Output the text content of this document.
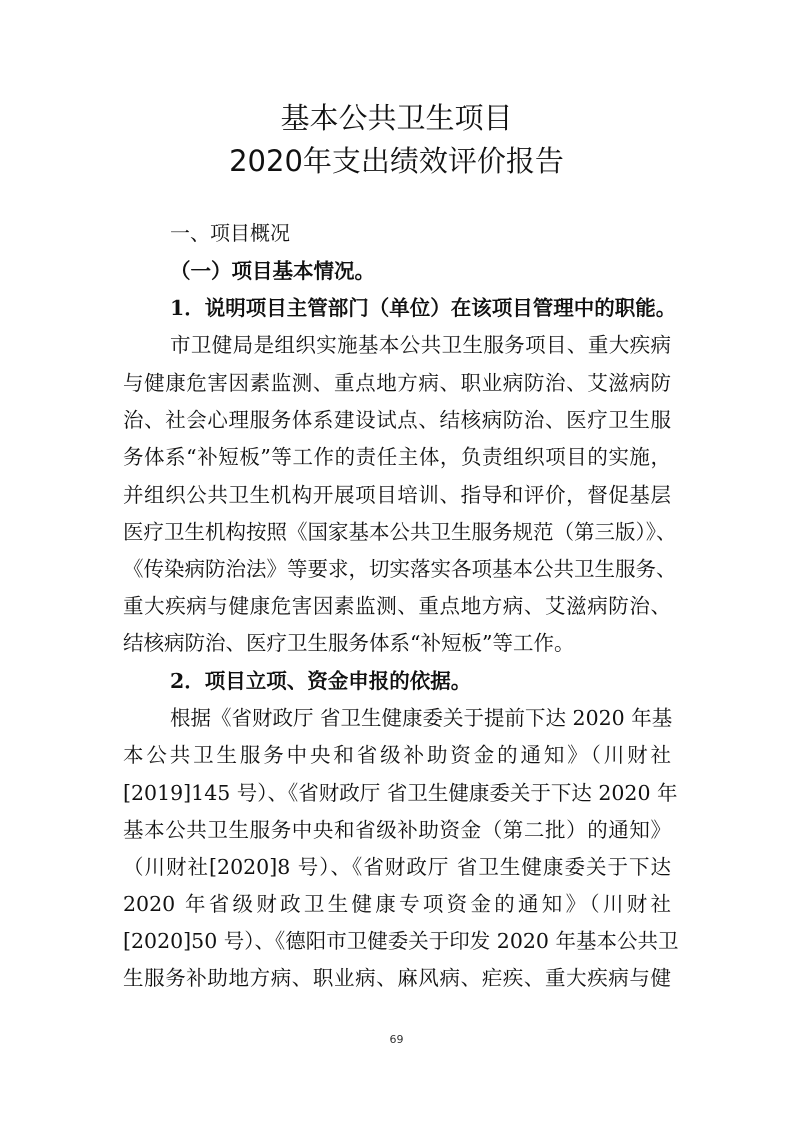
基本公共卫生项目
2020年支出绩效评价报告
一、项目概况
（一）项目基本情况。
1．说明项目主管部门（单位）在该项目管理中的职能。
市卫健局是组织实施基本公共卫生服务项目、重大疾病
与健康危害因素监测、重点地方病、职业病防治、艾滋病防
治、社会心理服务体系建设试点、结核病防治、医疗卫生服
务体系“补短板”等工作的责任主体，负责组织项目的实施，
并组织公共卫生机构开展项目培训、指导和评价，督促基层
医疗卫生机构按照《国家基本公共卫生服务规范（第三版）》、
《传染病防治法》等要求，切实落实各项基本公共卫生服务、
重大疾病与健康危害因素监测、重点地方病、艾滋病防治、
结核病防治、医疗卫生服务体系“补短板”等工作。
2．项目立项、资金申报的依据。
根据《省财政厅 省卫生健康委关于提前下达 2020 年基
本公共卫生服务中央和省级补助资金的通知》（川财社
[2019]145 号）、《省财政厅 省卫生健康委关于下达 2020 年
基本公共卫生服务中央和省级补助资金（第二批）的通知》
（川财社[2020]8 号）、《省财政厅 省卫生健康委关于下达
2020 年省级财政卫生健康专项资金的通知》（川财社
[2020]50 号）、《德阳市卫健委关于印发 2020 年基本公共卫
生服务补助地方病、职业病、麻风病、疟疾、重大疾病与健
69
